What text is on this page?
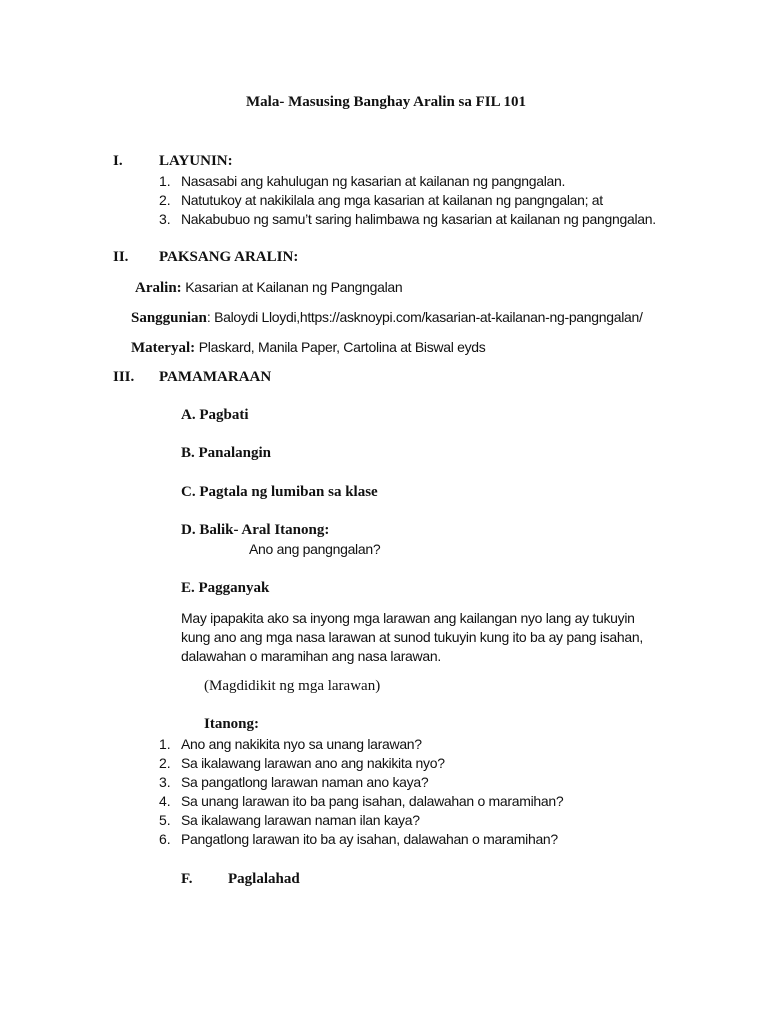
Mala- Masusing Banghay Aralin sa FIL 101
I. LAYUNIN:
1. Nasasabi ang kahulugan ng kasarian at kailanan ng pangngalan.
2. Natutukoy at nakikilala ang mga kasarian at kailanan ng pangngalan; at
3. Nakabubuo ng samu’t saring halimbawa ng kasarian at kailanan ng pangngalan.
II. PAKSANG ARALIN:
Aralin: Kasarian at Kailanan ng Pangngalan
Sanggunian: Baloydi Lloydi,https://asknoypi.com/kasarian-at-kailanan-ng-pangngalan/
Materyal: Plaskard, Manila Paper, Cartolina at Biswal eyds
III. PAMAMARAAN
A. Pagbati
B. Panalangin
C. Pagtala ng lumiban sa klase
D. Balik- Aral Itanong:
Ano ang pangngalan?
E. Pagganyak
May ipapakita ako sa inyong mga larawan ang kailangan nyo lang ay tukuyin
kung ano ang mga nasa larawan at sunod tukuyin kung ito ba ay pang isahan,
dalawahan o maramihan ang nasa larawan.
(Magdidikit ng mga larawan)
Itanong:
1. Ano ang nakikita nyo sa unang larawan?
2. Sa ikalawang larawan ano ang nakikita nyo?
3. Sa pangatlong larawan naman ano kaya?
4. Sa unang larawan ito ba pang isahan, dalawahan o maramihan?
5. Sa ikalawang larawan naman ilan kaya?
6. Pangatlong larawan ito ba ay isahan, dalawahan o maramihan?
F. Paglalahad
